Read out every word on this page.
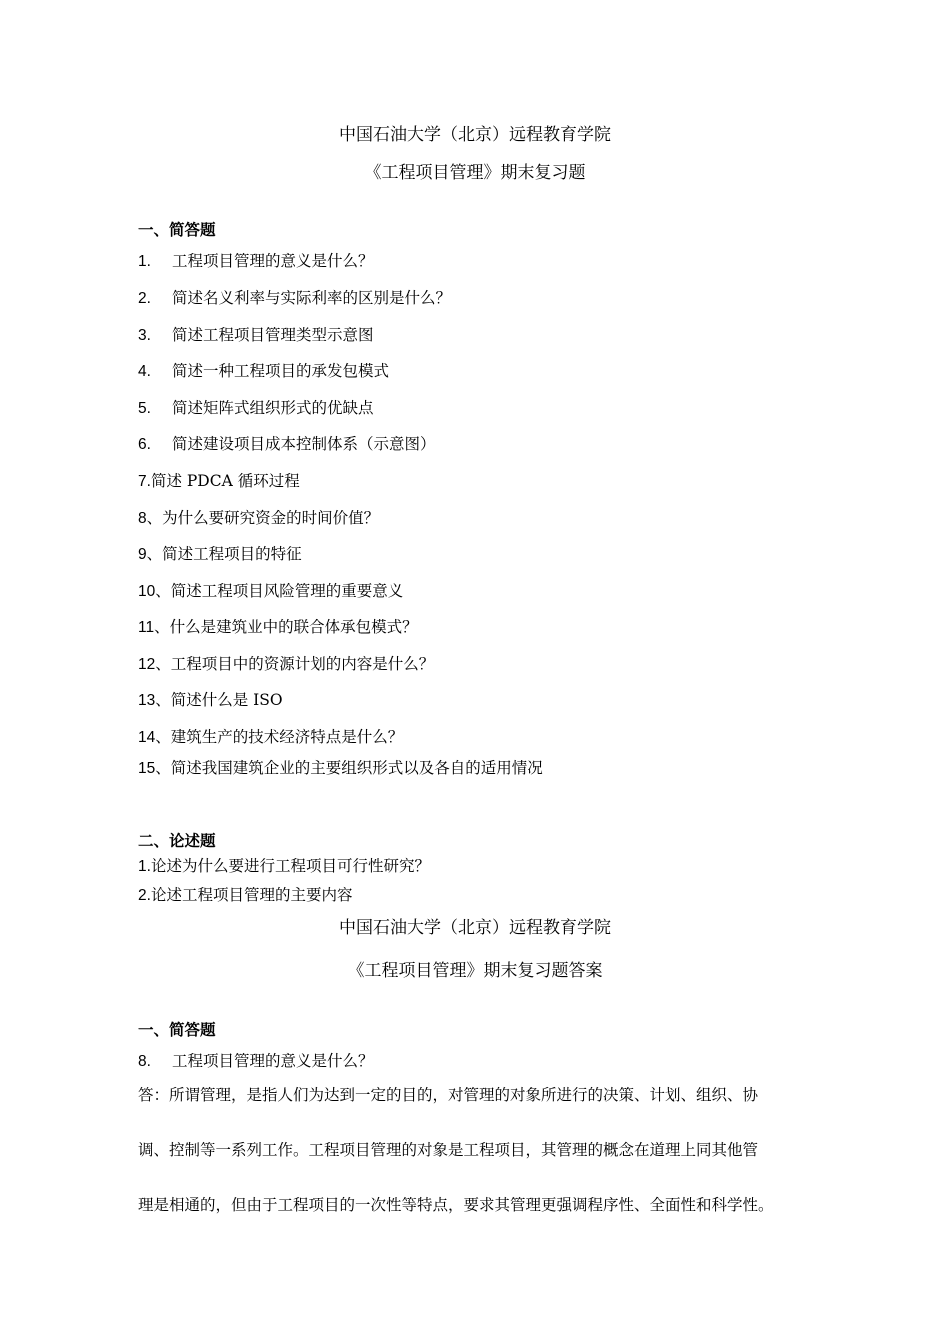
中国石油大学（北京）远程教育学院
《工程项目管理》期末复习题
一、简答题
1. 工程项目管理的意义是什么？
2. 简述名义利率与实际利率的区别是什么？
3. 简述工程项目管理类型示意图
4. 简述一种工程项目的承发包模式
5. 简述矩阵式组织形式的优缺点
6. 简述建设项目成本控制体系（示意图）
7.简述 PDCA 循环过程
8、为什么要研究资金的时间价值？
9、简述工程项目的特征
10、简述工程项目风险管理的重要意义
11、什么是建筑业中的联合体承包模式？
12、工程项目中的资源计划的内容是什么？
13、简述什么是 ISO
14、建筑生产的技术经济特点是什么？
15、简述我国建筑企业的主要组织形式以及各自的适用情况
二、论述题
1.论述为什么要进行工程项目可行性研究？
2.论述工程项目管理的主要内容
中国石油大学（北京）远程教育学院
《工程项目管理》期末复习题答案
一、简答题
8. 工程项目管理的意义是什么？
答：所谓管理，是指人们为达到一定的目的，对管理的对象所进行的决策、计划、组织、协
调、控制等一系列工作。工程项目管理的对象是工程项目，其管理的概念在道理上同其他管
理是相通的，但由于工程项目的一次性等特点，要求其管理更强调程序性、全面性和科学性。
